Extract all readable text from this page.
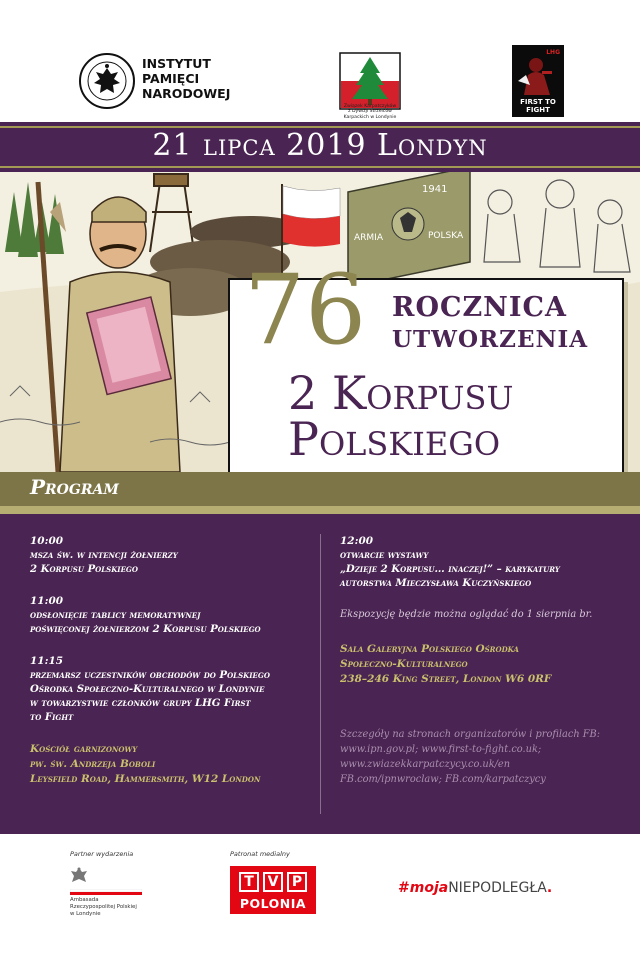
INSTYTUT
PAMIĘCI
NARODOWEJ
Związek Karpatczyków
z Dywizji Strzelców
Karpackich w Londynie
LHG
FIRST TO FIGHT
21 lipca 2019 Londyn
1941
ARMIA	POLSKA
76 ROCZNICA
UTWORZENIA
2 Korpusu
Polskiego
Program
10:00
msza św. w intencji żołnierzy
2 Korpusu Polskiego
11:00
odsłonięcie tablicy memoratywnej
poświęconej żołnierzom 2 Korpusu Polskiego
11:15
przemarsz uczestników obchodów do Polskiego
Ośrodka Społeczno-Kulturalnego w Londynie
w towarzystwie członków grupy LHG First
to Fight
Kościół garnizonowy
pw. św. Andrzeja Boboli
Leysfield Road, Hammersmith, W12 London
12:00
otwarcie wystawy
„Dzieje 2 Korpusu… inaczej!” – karykatury
autorstwa Mieczysława Kuczyńskiego
Ekspozycję będzie można oglądać do 1 sierpnia br.
Sala Galeryjna Polskiego Ośrodka
Społeczno-Kulturalnego
238–246 King Street, London W6 0RF
Szczegóły na stronach organizatorów i profilach FB:
www.ipn.gov.pl; www.first-to-fight.co.uk;
www.zwiazekkarpatczycy.co.uk/en
FB.com/ipnwroclaw; FB.com/karpatczycy
Partner wydarzenia
Ambasada
Rzeczypospolitej Polskiej
w Londynie
Patronat medialny
T V P
POLONIA
#mojaNIEPODLEGŁA.
